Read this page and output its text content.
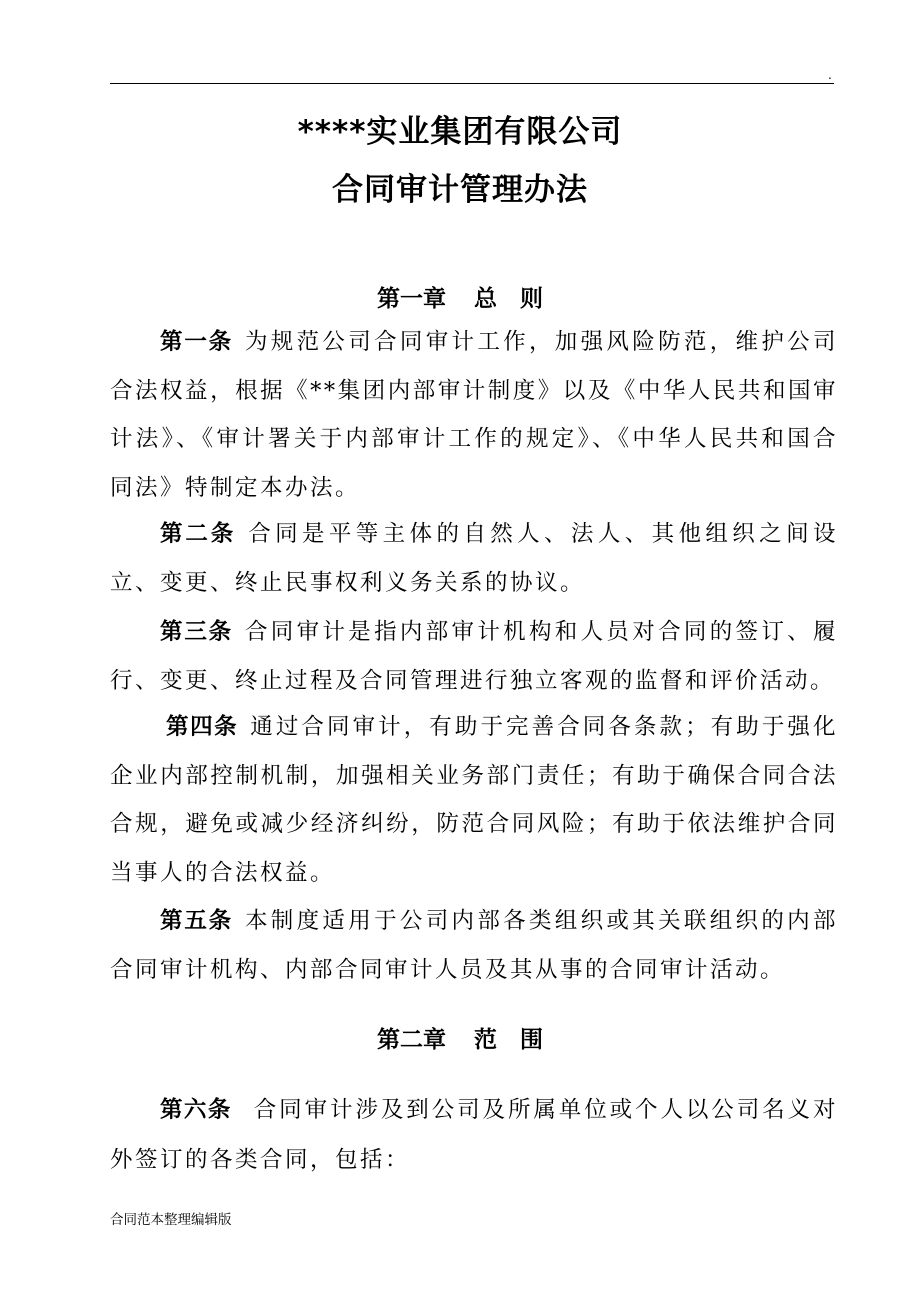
.
****实业集团有限公司
合同审计管理办法
第一章 总　则

第一条 为规范公司合同审计工作，加强风险防范，维护公司合法权益，根据《**集团内部审计制度》以及《中华人民共和国审计法》、《审计署关于内部审计工作的规定》、《中华人民共和国合同法》特制定本办法。

第二条 合同是平等主体的自然人、法人、其他组织之间设立、变更、终止民事权利义务关系的协议。

第三条 合同审计是指内部审计机构和人员对合同的签订、履行、变更、终止过程及合同管理进行独立客观的监督和评价活动。

第四条 通过合同审计，有助于完善合同各条款；有助于强化企业内部控制机制，加强相关业务部门责任；有助于确保合同合法合规，避免或减少经济纠纷，防范合同风险；有助于依法维护合同当事人的合法权益。

第五条 本制度适用于公司内部各类组织或其关联组织的内部合同审计机构、内部合同审计人员及其从事的合同审计活动。

第二章 范　围

第六条 合同审计涉及到公司及所属单位或个人以公司名义对外签订的各类合同，包括：

合同范本整理编辑版
